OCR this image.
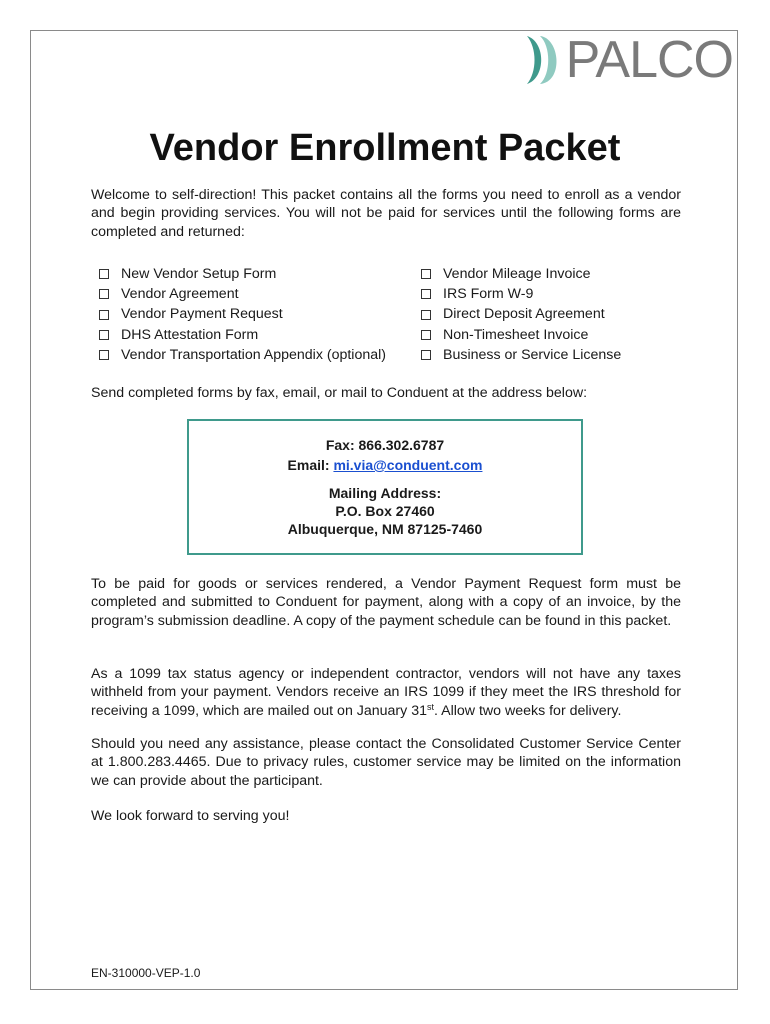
PALCO
Vendor Enrollment Packet

Welcome to self-direction! This packet contains all the forms you need to enroll as a vendor and begin providing services. You will not be paid for services until the following forms are completed and returned:

New Vendor Setup Form
Vendor Agreement
Vendor Payment Request
DHS Attestation Form
Vendor Transportation Appendix (optional)
Vendor Mileage Invoice
IRS Form W-9
Direct Deposit Agreement
Non-Timesheet Invoice
Business or Service License

Send completed forms by fax, email, or mail to Conduent at the address below:

Fax: 866.302.6787
Email: mi.via@conduent.com
Mailing Address:
P.O. Box 27460
Albuquerque, NM 87125-7460

To be paid for goods or services rendered, a Vendor Payment Request form must be completed and submitted to Conduent for payment, along with a copy of an invoice, by the program’s submission deadline. A copy of the payment schedule can be found in this packet.

As a 1099 tax status agency or independent contractor, vendors will not have any taxes withheld from your payment. Vendors receive an IRS 1099 if they meet the IRS threshold for receiving a 1099, which are mailed out on January 31st. Allow two weeks for delivery.

Should you need any assistance, please contact the Consolidated Customer Service Center at 1.800.283.4465. Due to privacy rules, customer service may be limited on the information we can provide about the participant.

We look forward to serving you!

EN-310000-VEP-1.0
